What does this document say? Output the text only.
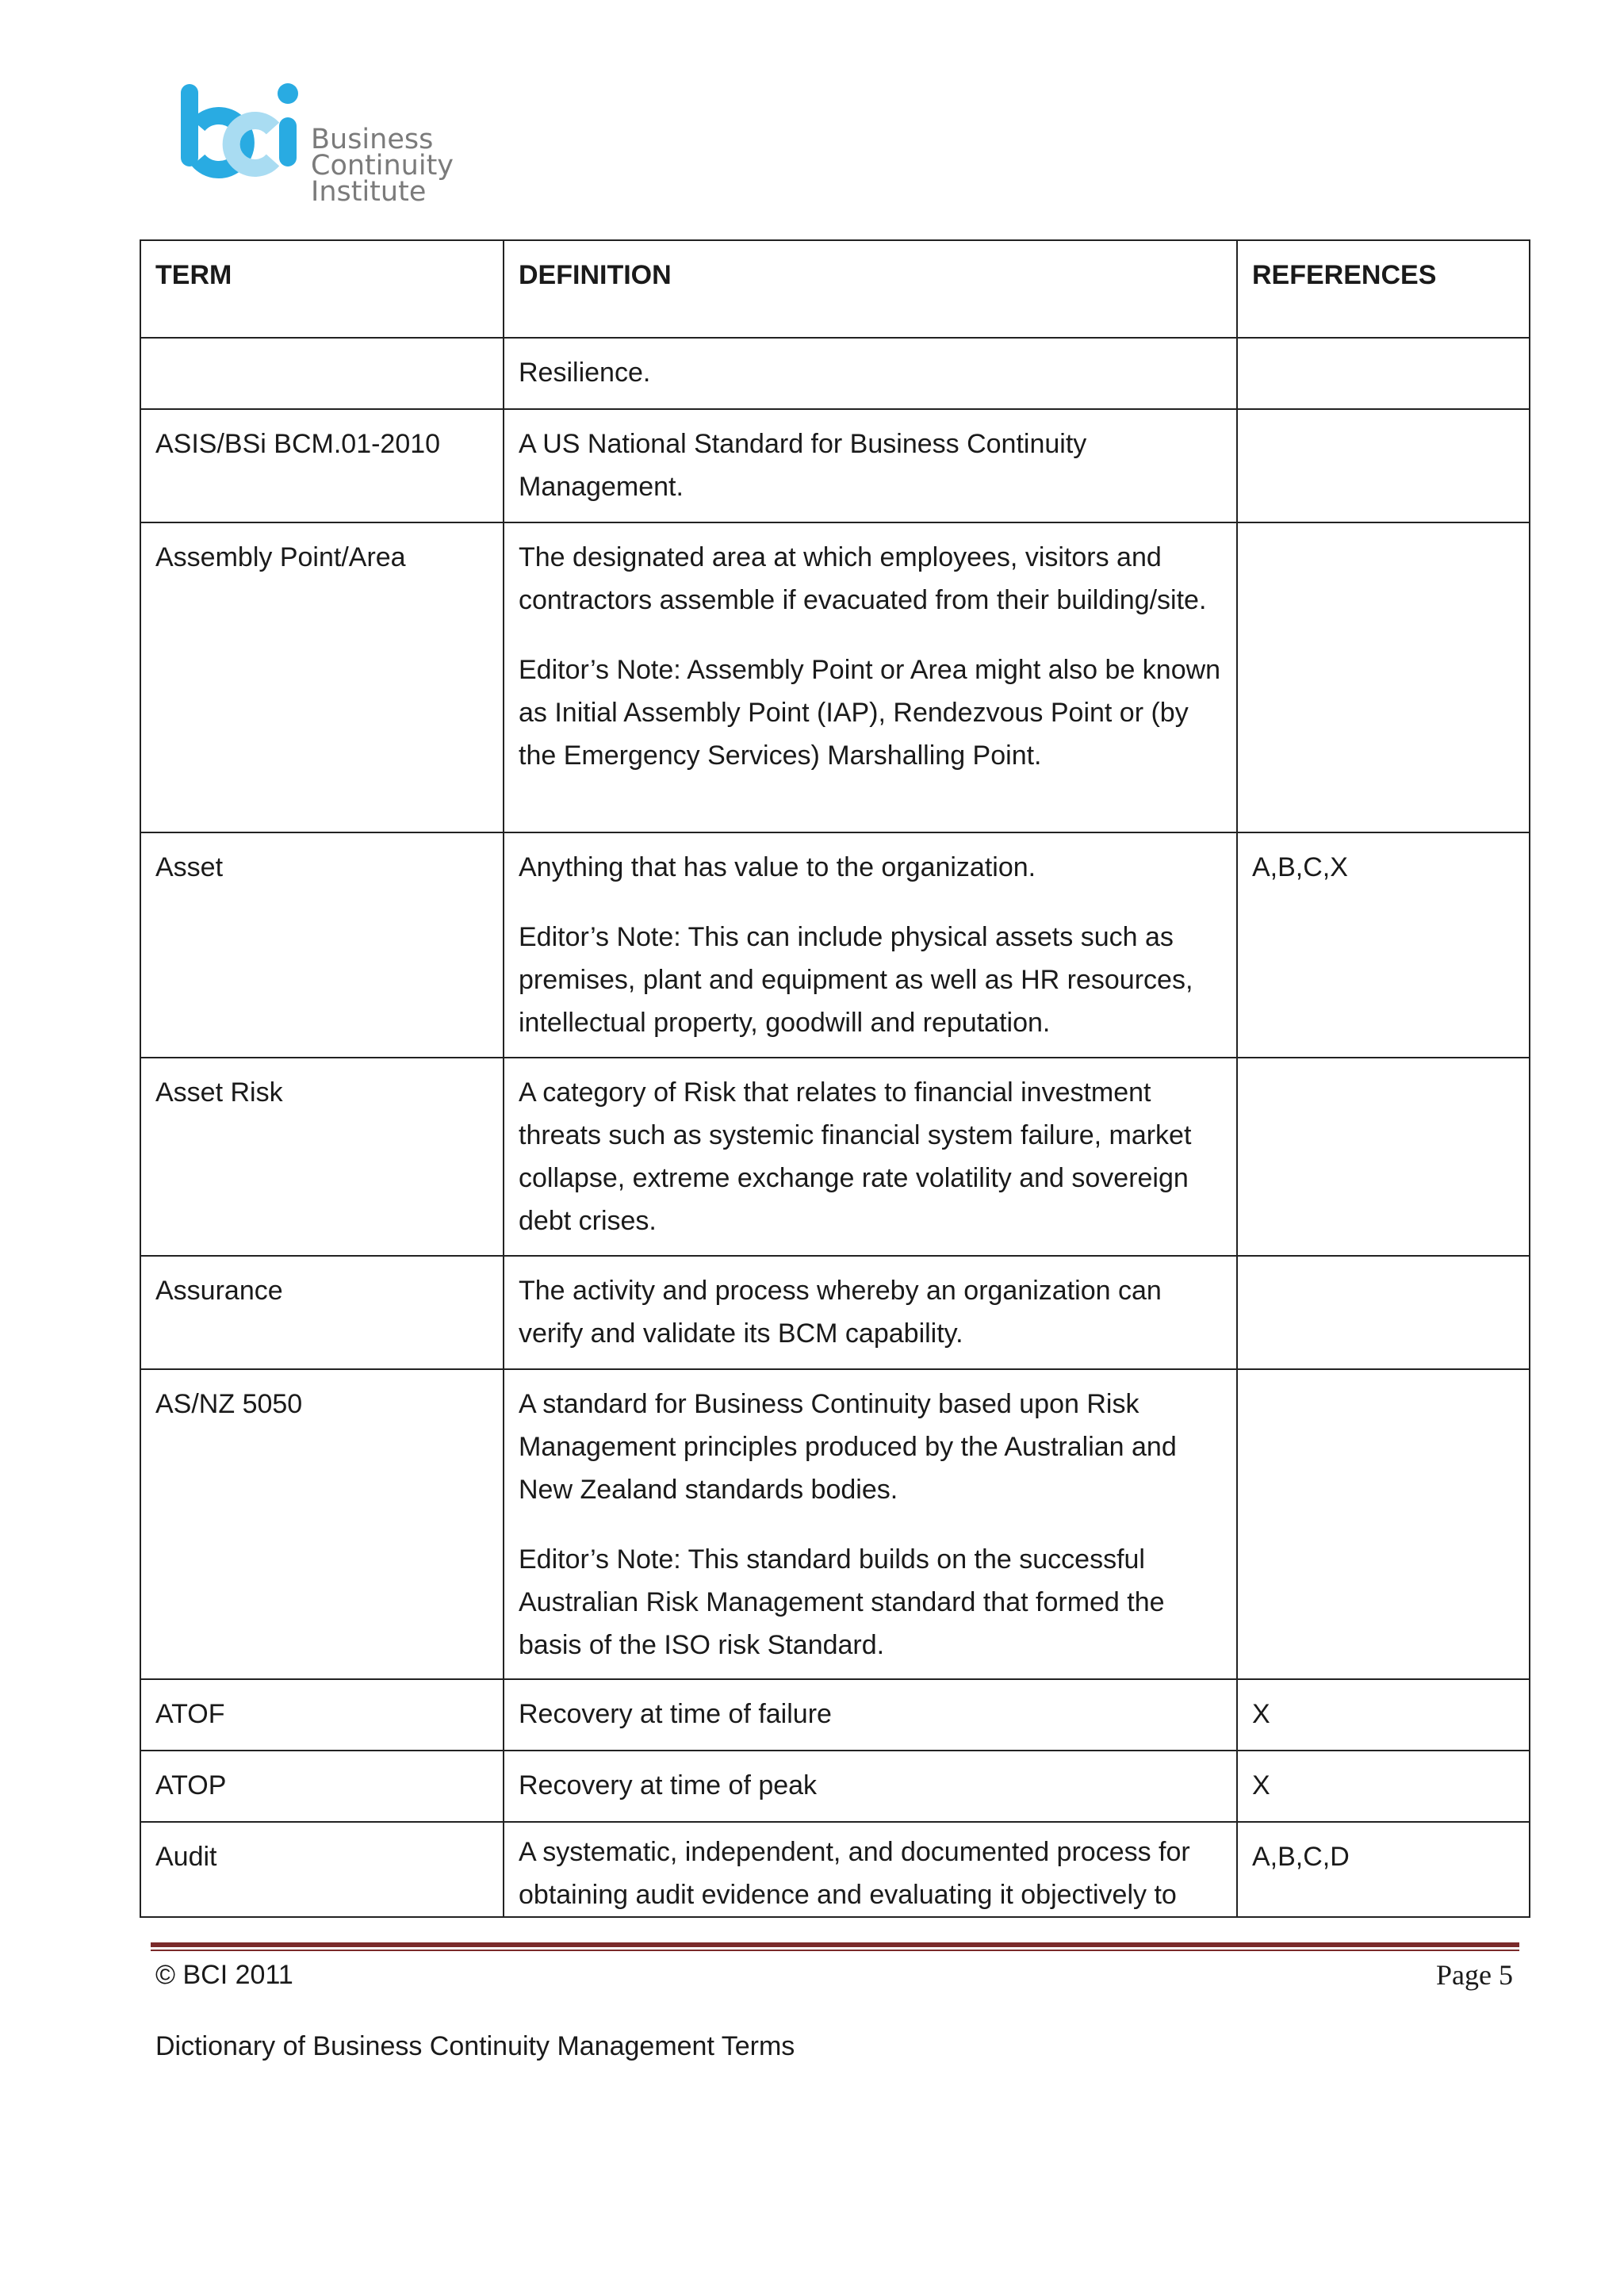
Business Continuity
Institute
TERM	DEFINITION	REFERENCES

	Resilience.	

ASIS/BSi BCM.01-2010	A US National Standard for Business Continuity Management.	

Assembly Point/Area	The designated area at which employees, visitors and contractors assemble if evacuated from their building/site.

Editor’s Note: Assembly Point or Area might also be known as Initial Assembly Point (IAP), Rendezvous Point or (by the Emergency Services) Marshalling Point.	

Asset	Anything that has value to the organization.

Editor’s Note: This can include physical assets such as premises, plant and equipment as well as HR resources, intellectual property, goodwill and reputation.	A,B,C,X
Asset Risk	A category of Risk that relates to financial investment threats such as systemic financial system failure, market collapse, extreme exchange rate volatility and sovereign debt crises.	

Assurance	The activity and process whereby an organization can verify and validate its BCM capability.	

AS/NZ 5050	A standard for Business Continuity based upon Risk Management principles produced by the Australian and New Zealand standards bodies.

Editor’s Note: This standard builds on the successful Australian Risk Management standard that formed the basis of the ISO risk Standard.	

ATOF	Recovery at time of failure	X
ATOP	Recovery at time of peak	X
Audit	A systematic, independent, and documented process for obtaining audit evidence and evaluating it objectively to	A,B,C,D
© BCI 2011	Page 5
Dictionary of Business Continuity Management Terms
